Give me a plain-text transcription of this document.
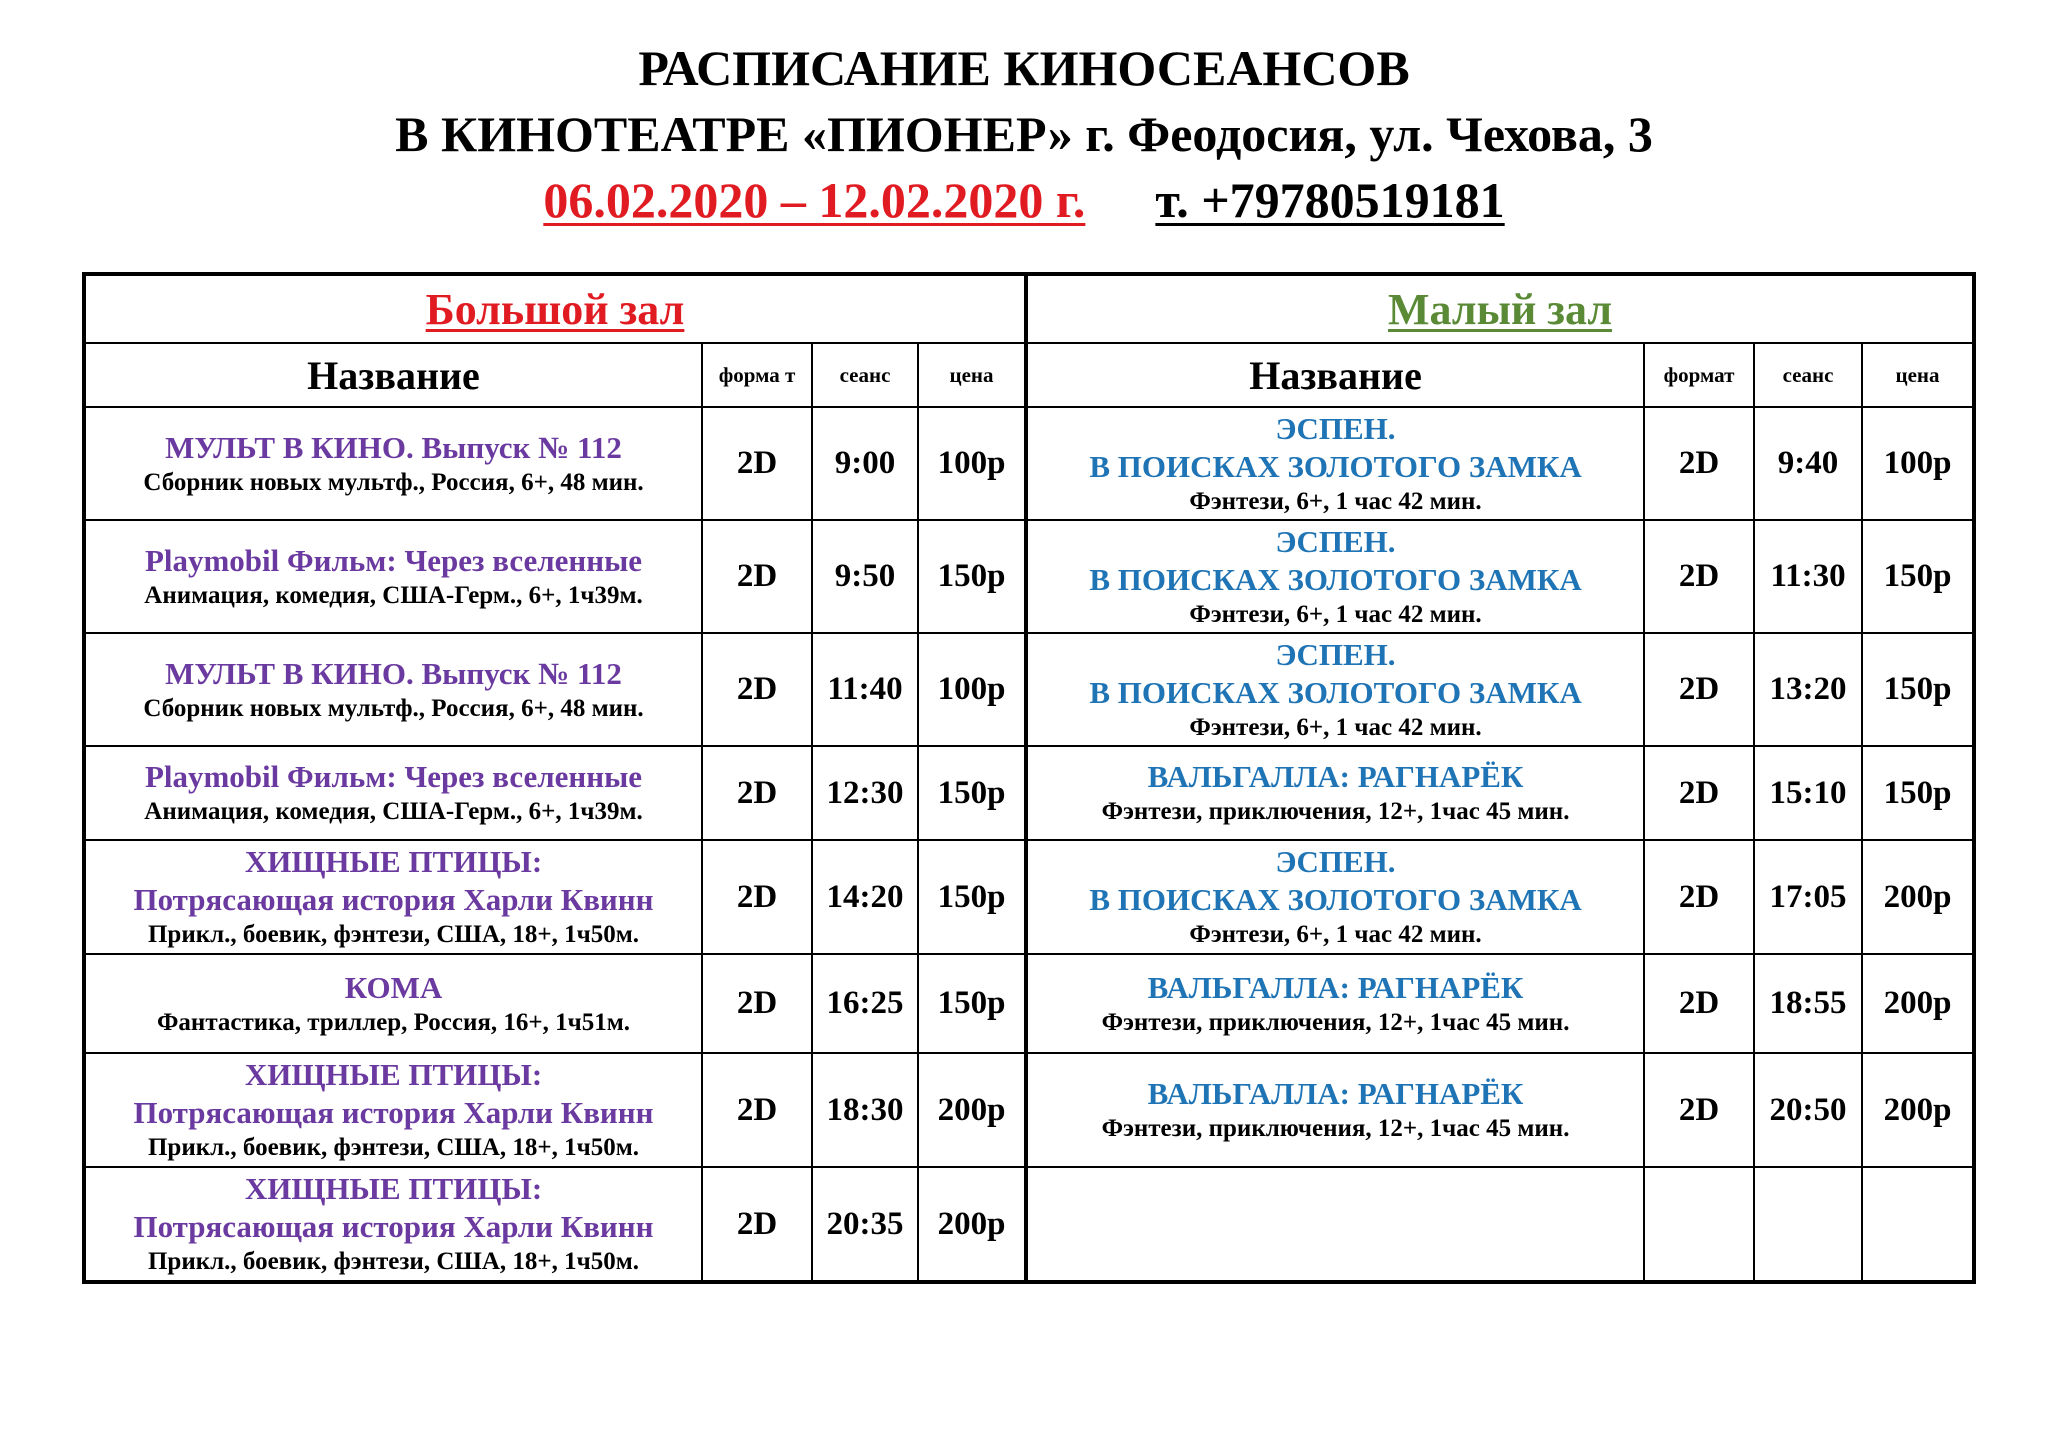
РАСПИСАНИЕ КИНОСЕАНСОВ
В КИНОТЕАТРЕ «ПИОНЕР» г. Феодосия, ул. Чехова, 3
06.02.2020 – 12.02.2020 г. т. +79780519181
Большой зал				Малый зал			
Название	форма т	сеанс	цена	Название	формат	сеанс	цена

МУЛЬТ В КИНО. Выпуск № 112
Сборник новых мультф., Россия, 6+, 48 мин.	2D	9:00	100р	ЭСПЕН.
В ПОИСКАХ ЗОЛОТОГО ЗАМКА
Фэнтези, 6+, 1 час 42 мин.	2D	9:40	100р

Playmobil Фильм: Через вселенные
Анимация, комедия, США-Герм., 6+, 1ч39м.	2D	9:50	150р	ЭСПЕН.
В ПОИСКАХ ЗОЛОТОГО ЗАМКА
Фэнтези, 6+, 1 час 42 мин.	2D	11:30	150р

МУЛЬТ В КИНО. Выпуск № 112
Сборник новых мультф., Россия, 6+, 48 мин.	2D	11:40	100р	ЭСПЕН.
В ПОИСКАХ ЗОЛОТОГО ЗАМКА
Фэнтези, 6+, 1 час 42 мин.	2D	13:20	150р

Playmobil Фильм: Через вселенные
Анимация, комедия, США-Герм., 6+, 1ч39м.	2D	12:30	150р	ВАЛЬГАЛЛА: РАГНАРЁК
Фэнтези, приключения, 12+, 1час 45 мин.	2D	15:10	150р

ХИЩНЫЕ ПТИЦЫ:
Потрясающая история Харли Квинн
Прикл., боевик, фэнтези, США, 18+, 1ч50м.	2D	14:20	150р	ЭСПЕН.
В ПОИСКАХ ЗОЛОТОГО ЗАМКА
Фэнтези, 6+, 1 час 42 мин.	2D	17:05	200р

КОМА
Фантастика, триллер, Россия, 16+, 1ч51м.	2D	16:25	150р	ВАЛЬГАЛЛА: РАГНАРЁК
Фэнтези, приключения, 12+, 1час 45 мин.	2D	18:55	200р

ХИЩНЫЕ ПТИЦЫ:
Потрясающая история Харли Квинн
Прикл., боевик, фэнтези, США, 18+, 1ч50м.	2D	18:30	200р	ВАЛЬГАЛЛА: РАГНАРЁК
Фэнтези, приключения, 12+, 1час 45 мин.	2D	20:50	200р

ХИЩНЫЕ ПТИЦЫ:
Потрясающая история Харли Квинн
Прикл., боевик, фэнтези, США, 18+, 1ч50м.	2D	20:35	200р				
